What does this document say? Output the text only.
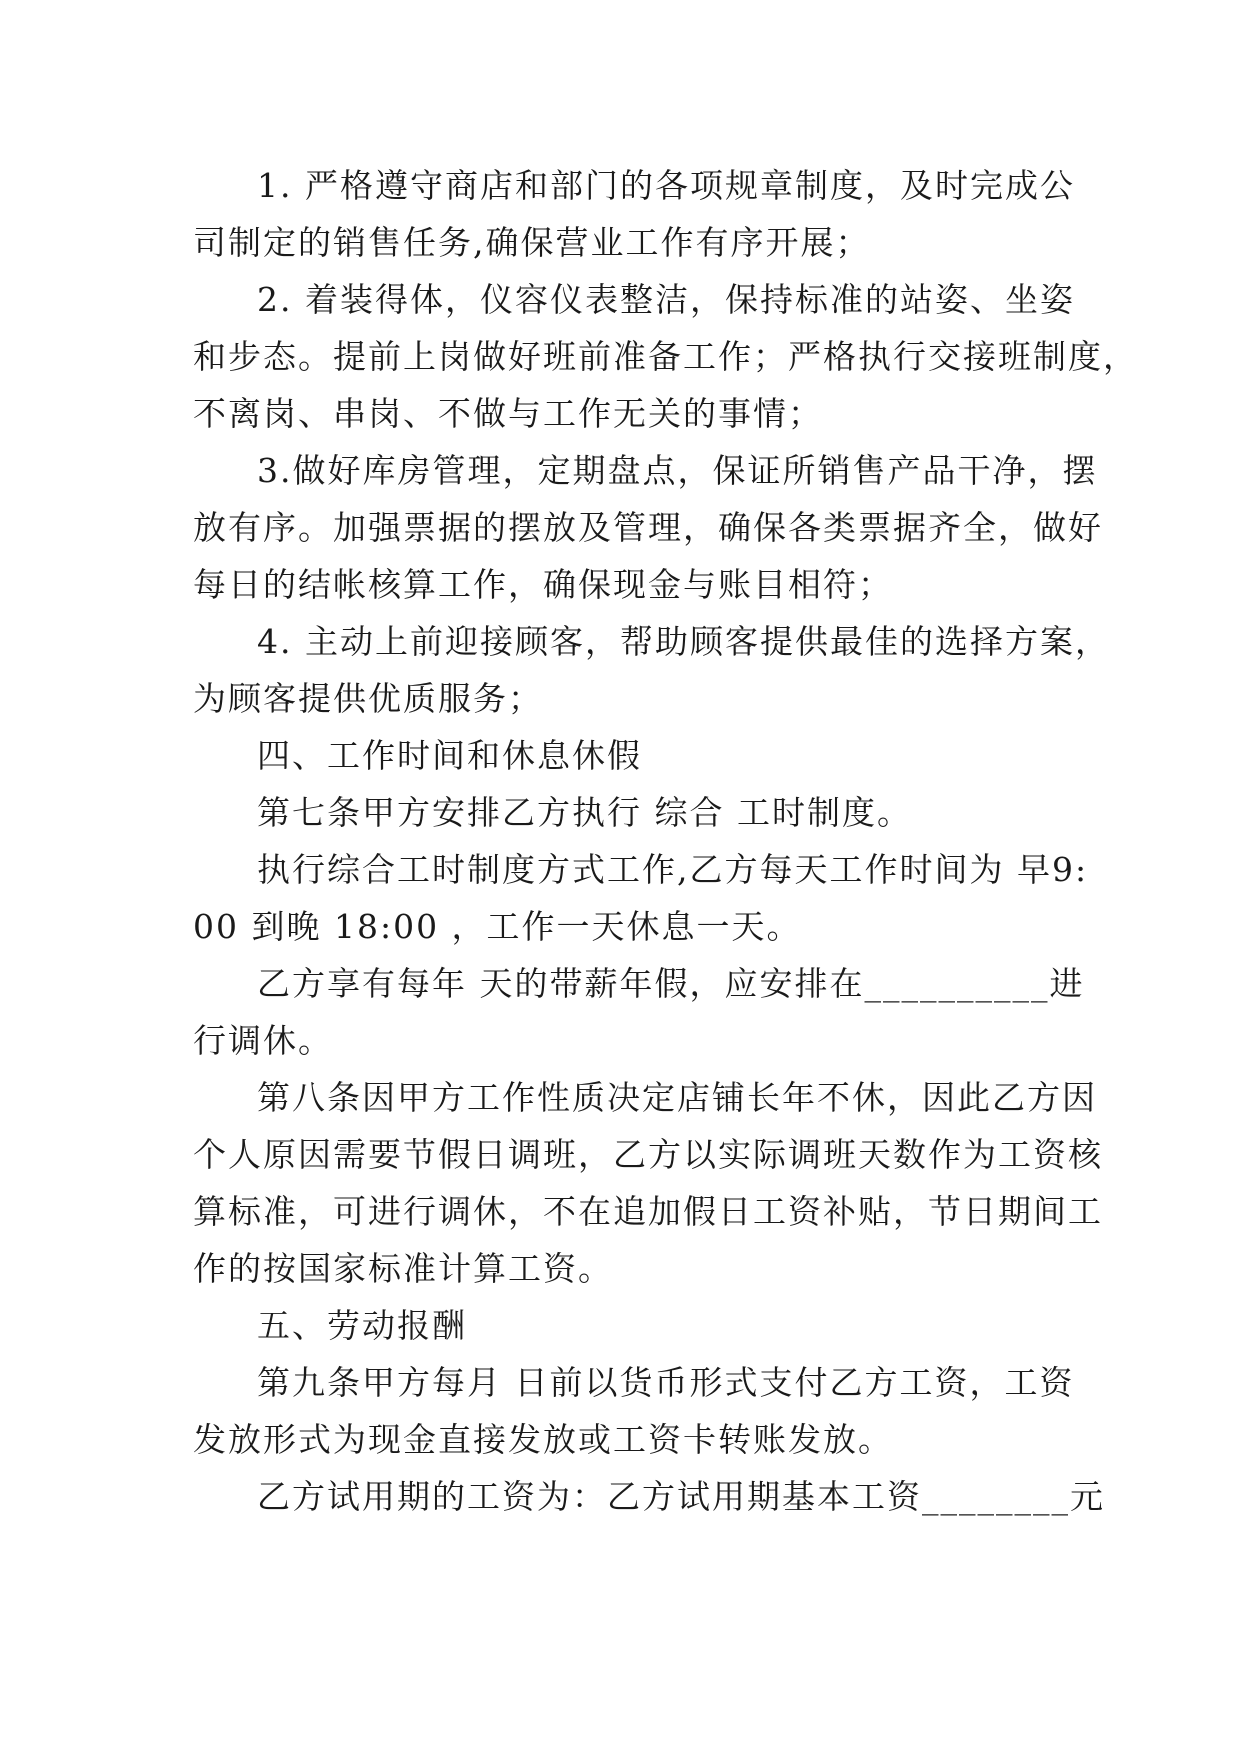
1. 严格遵守商店和部门的各项规章制度，及时完成公
司制定的销售任务,确保营业工作有序开展；
2. 着装得体，仪容仪表整洁，保持标准的站姿、坐姿
和步态。提前上岗做好班前准备工作；严格执行交接班制度，
不离岗、串岗、不做与工作无关的事情；
3.做好库房管理，定期盘点，保证所销售产品干净，摆
放有序。加强票据的摆放及管理，确保各类票据齐全，做好
每日的结帐核算工作，确保现金与账目相符；
4. 主动上前迎接顾客，帮助顾客提供最佳的选择方案，
为顾客提供优质服务；
四、工作时间和休息休假
第七条甲方安排乙方执行 综合 工时制度。
执行综合工时制度方式工作,乙方每天工作时间为 早9:
00 到晚 18:00 ，工作一天休息一天。
乙方享有每年 天的带薪年假，应安排在__________进
行调休。
第八条因甲方工作性质决定店铺长年不休，因此乙方因
个人原因需要节假日调班，乙方以实际调班天数作为工资核
算标准，可进行调休，不在追加假日工资补贴，节日期间工
作的按国家标准计算工资。
五、劳动报酬
第九条甲方每月 日前以货币形式支付乙方工资，工资
发放形式为现金直接发放或工资卡转账发放。
乙方试用期的工资为：乙方试用期基本工资________元
